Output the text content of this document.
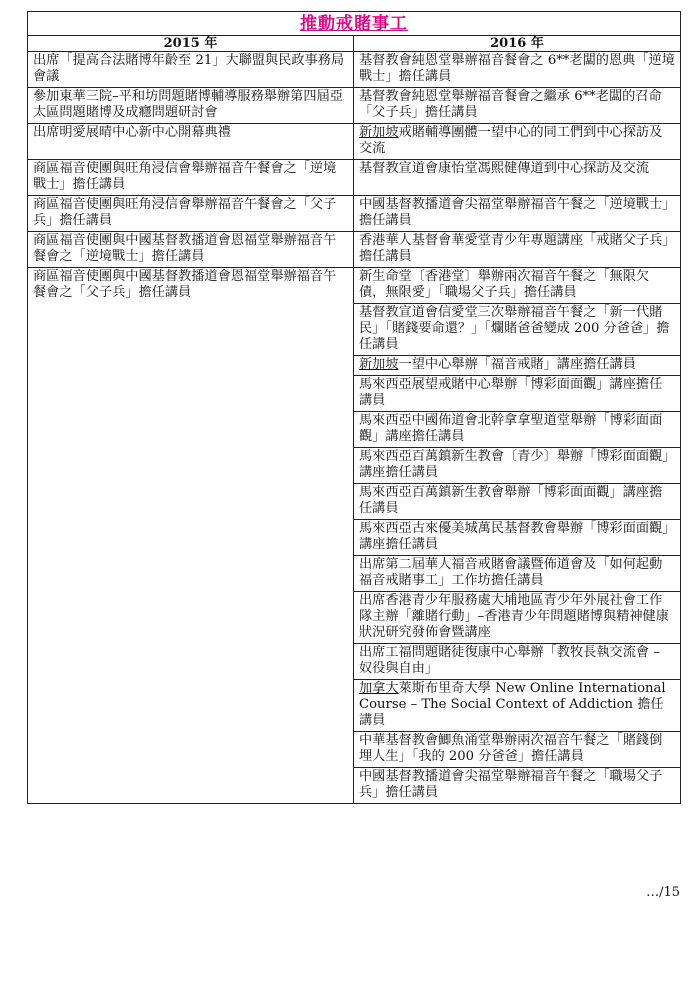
推動戒賭事工	
2015 年	2016 年
出席「提高合法賭博年齡至 21」大聯盟與民政事務局會議	基督教會純恩堂舉辦福音餐會之 6**老闆的恩典「逆境戰士」擔任講員
參加東華三院–平和坊問題賭博輔導服務舉辦第四屆亞太區問題賭博及成癮問題研討會	基督教會純恩堂舉辦福音餐會之繼承 6**老闆的召命「父子兵」擔任講員
出席明愛展晴中心新中心開幕典禮	新加坡戒賭輔導團體一望中心的同工們到中心探訪及交流
商區福音使團與旺角浸信會舉辦福音午餐會之「逆境戰士」擔任講員	基督教宣道會康怡堂馮熙健傳道到中心探訪及交流
商區福音使團與旺角浸信會舉辦福音午餐會之「父子兵」擔任講員	中國基督教播道會尖福堂舉辦福音午餐之「逆境戰士」擔任講員
商區福音使團與中國基督教播道會恩福堂舉辦福音午餐會之「逆境戰士」擔任講員	香港華人基督會華愛堂青少年專題講座「戒賭父子兵」擔任講員
商區福音使團與中國基督教播道會恩福堂舉辦福音午餐會之「父子兵」擔任講員	新生命堂〔香港堂〕舉辦兩次福音午餐之「無限欠債，無限愛」「職場父子兵」擔任講員
	基督教宣道會信愛堂三次舉辦福音午餐之「新一代賭民」「賭錢要命還？」「爛賭爸爸變成 200 分爸爸」擔任講員
	新加坡一望中心舉辦「福音戒賭」講座擔任講員
	馬來西亞展望戒賭中心舉辦「博彩面面觀」講座擔任講員
	馬來西亞中國佈道會北幹拿拿聖道堂舉辦「博彩面面觀」講座擔任講員
	馬來西亞百萬鎮新生教會〔青少〕舉辦「博彩面面觀」講座擔任講員
	馬來西亞百萬鎮新生教會舉辦「博彩面面觀」講座擔任講員
	馬來西亞古來優美城萬民基督教會舉辦「博彩面面觀」講座擔任講員
	出席第二屆華人福音戒賭會議暨佈道會及「如何起動福音戒賭事工」工作坊擔任講員
	出席香港青少年服務處大埔地區青少年外展社會工作隊主辦「離賭行動」–香港青少年問題賭博與精神健康狀況研究發佈會暨講座
	出席工福問題賭徒復康中心舉辦「教牧長執交流會 – 奴役與自由」
	加拿大萊斯布里奇大學 New Online International Course – The Social Context of Addiction 擔任講員
	中華基督教會鯽魚涌堂舉辦兩次福音午餐之「賭錢倒埋人生」「我的 200 分爸爸」擔任講員
	中國基督教播道會尖福堂舉辦福音午餐之「職場父子兵」擔任講員
…/15
